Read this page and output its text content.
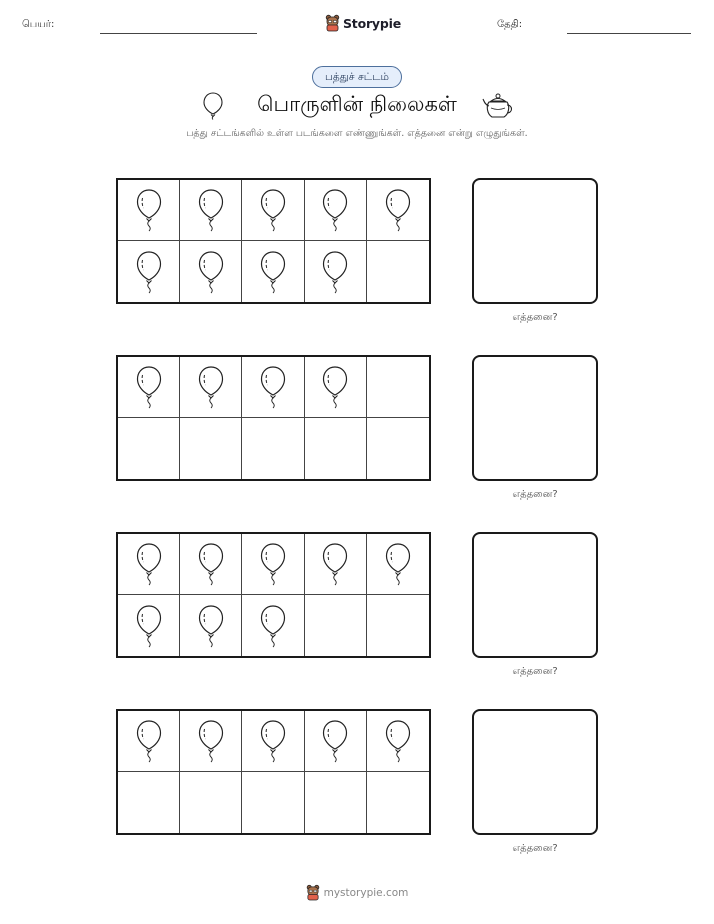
பெயர்:	Storypie	தேதி:
பத்துச் சட்டம்
பொருளின் நிலைகள்
பத்து சட்டங்களில் உள்ள படங்களை எண்ணுங்கள். எத்தனை என்று எழுதுங்கள்.
எத்தனை?
எத்தனை?
எத்தனை?
எத்தனை?
mystorypie.com
